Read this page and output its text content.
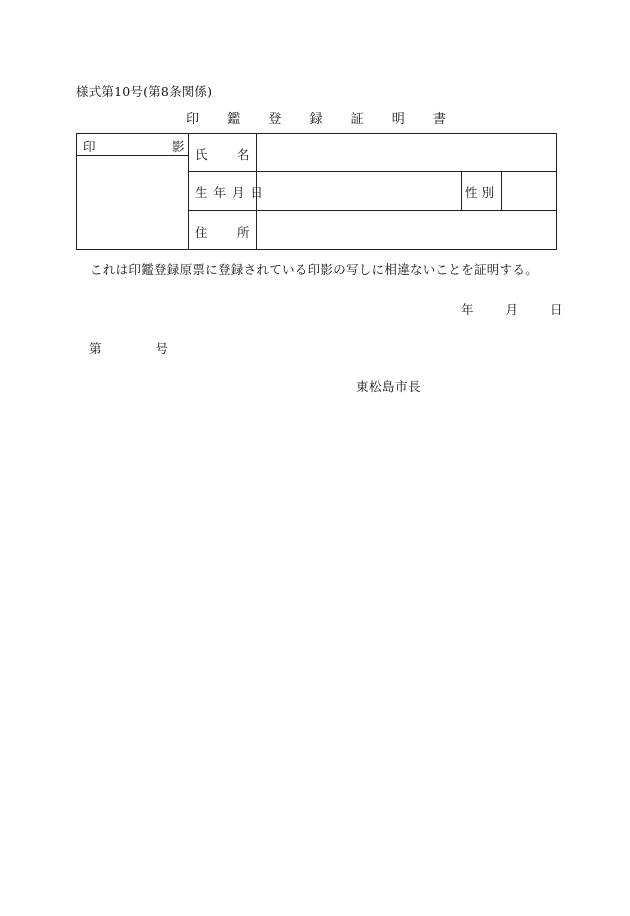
様式第10号(第8条関係)
印 鑑 登 録 証 明 書
印	影
氏 名
生 年 月 日	性 別
住 所
これは印鑑登録原票に登録されている印影の写しに相違ないことを証明する。
年	月	日
第	号
東松島市長
